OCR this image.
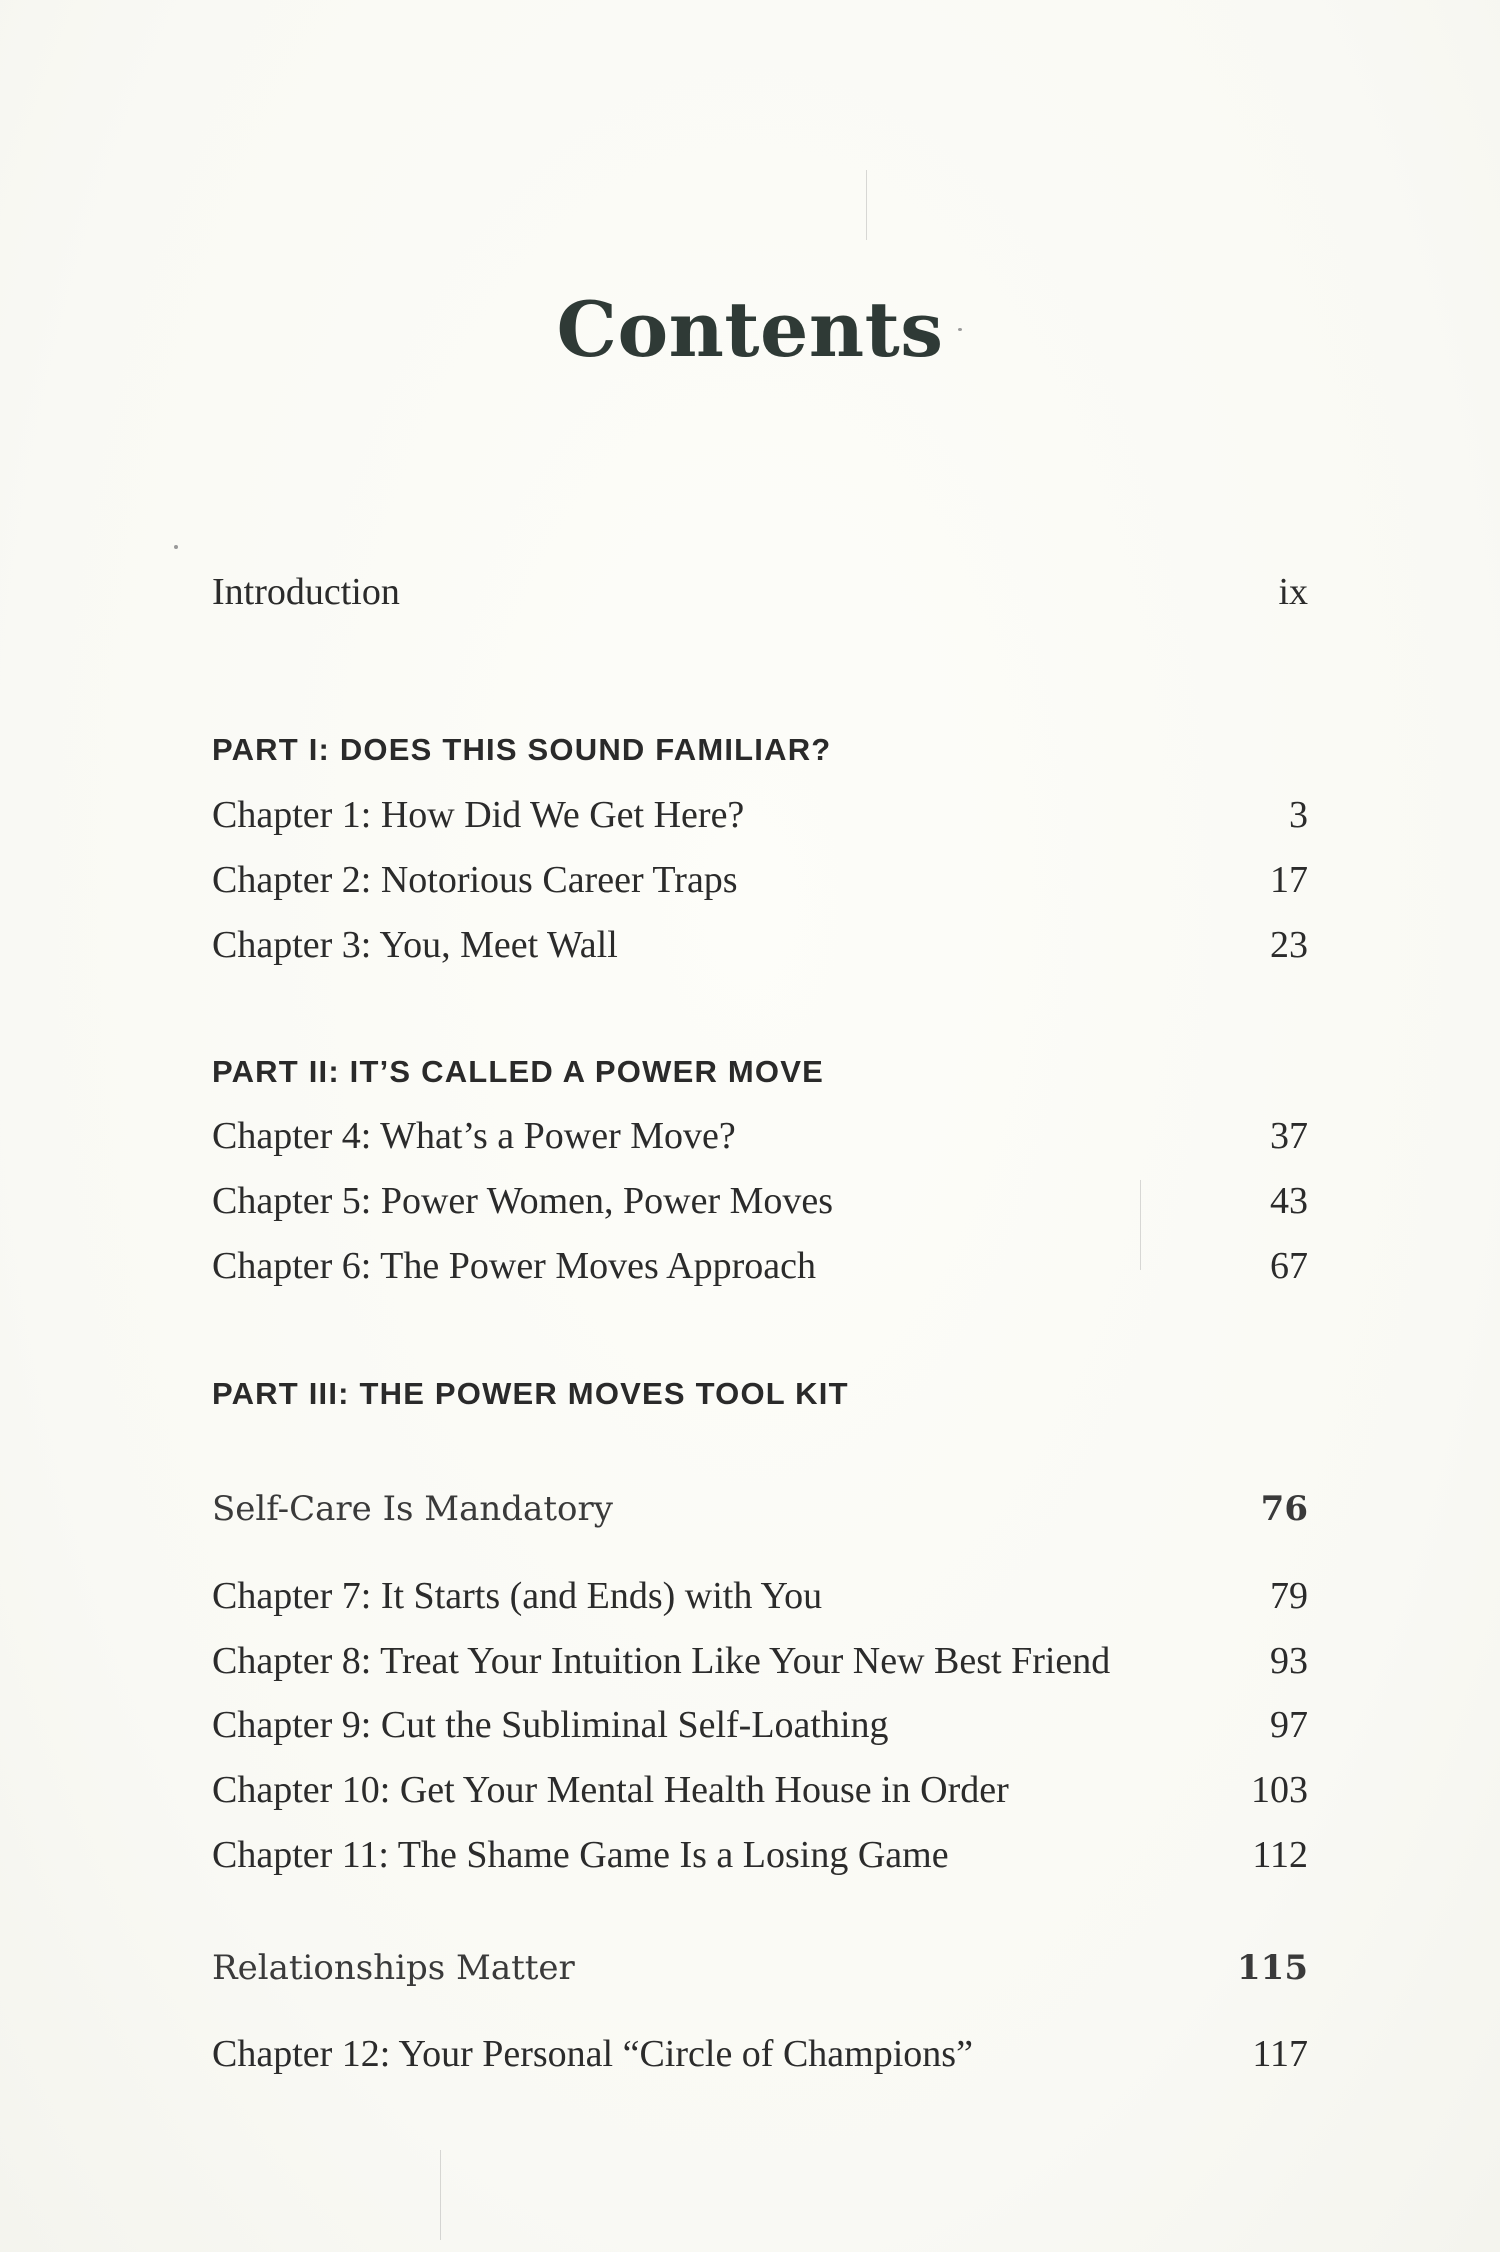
Contents
Introduction	ix
PART I: DOES THIS SOUND FAMILIAR?
Chapter 1: How Did We Get Here?	3
Chapter 2: Notorious Career Traps	17
Chapter 3: You, Meet Wall	23
PART II: IT’S CALLED A POWER MOVE
Chapter 4: What’s a Power Move?	37
Chapter 5: Power Women, Power Moves	43
Chapter 6: The Power Moves Approach	67
PART III: THE POWER MOVES TOOL KIT
Self-Care Is Mandatory	76
Chapter 7: It Starts (and Ends) with You	79
Chapter 8: Treat Your Intuition Like Your New Best Friend	93
Chapter 9: Cut the Subliminal Self-Loathing	97
Chapter 10: Get Your Mental Health House in Order	103
Chapter 11: The Shame Game Is a Losing Game	112
Relationships Matter	115
Chapter 12: Your Personal “Circle of Champions”	117
